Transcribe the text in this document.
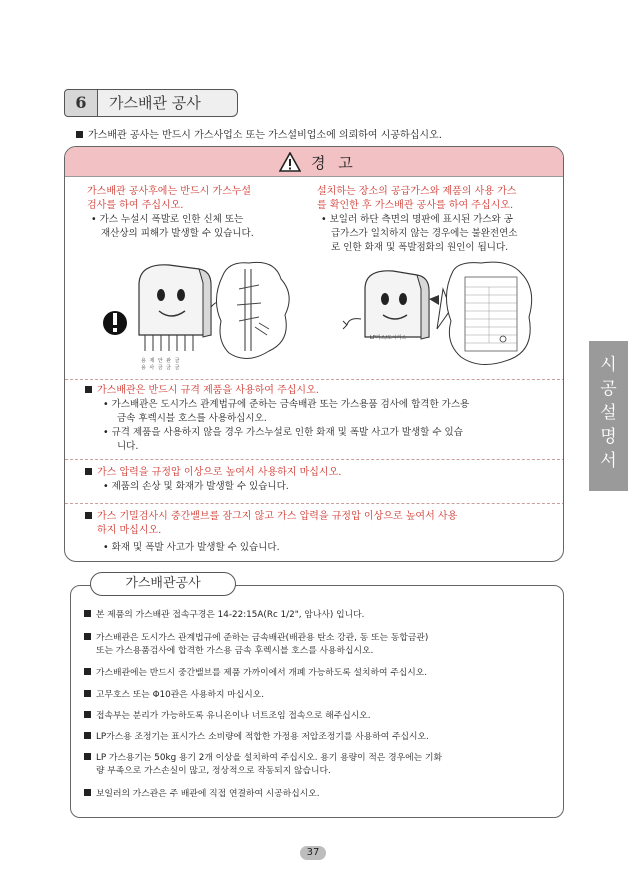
가스배관 공사
6
가스배관 공사는 반드시 가스사업소 또는 가스설비업소에 의뢰하여 시공하십시오.
경 고
가스배관 공사후에는 반드시 가스누설
검사를 하여 주십시오.
• 가스 누설시 폭발로 인한 신체 또는
재산상의 피해가 발생할 수 있습니다.
설치하는 장소의 공급가스와 제품의 사용 가스
를 확인한 후 가스배관 공사를 하여 주십시오.
• 보일러 하단 측면의 명판에 표시된 가스와 공
급가스가 일치하지 않는 경우에는 불완전연소
로 인한 화재 및 폭발점화의 원인이 됩니다.
용 제 안 완 금
용 사 금 금 금
LP가스/도시가스
가스배관은 반드시 규격 제품을 사용하여 주십시오.
• 가스배관은 도시가스 관계법규에 준하는 금속배관 또는 가스용품 검사에 합격한 가스용
금속 후렉시블 호스를 사용하십시오.
• 규격 제품을 사용하지 않을 경우 가스누설로 인한 화재 및 폭발 사고가 발생할 수 있습
니다.
가스 압력을 규정압 이상으로 높여서 사용하지 마십시오.
• 제품의 손상 및 화재가 발생할 수 있습니다.
가스 기밀검사시 중간밸브를 잠그지 않고 가스 압력을 규정압 이상으로 높여서 사용
하지 마십시오.
• 화재 및 폭발 사고가 발생할 수 있습니다.
시
공
설
명
서
가스배관공사
본 제품의 가스배관 접속구경은 14-22:15A(Rc 1/2", 암나사) 입니다.
가스배관은 도시가스 관계법규에 준하는 금속배관(배관용 탄소 강관, 동 또는 동합금관)
또는 가스용품검사에 합격한 가스용 금속 후렉시블 호스를 사용하십시오.
가스배관에는 반드시 중간밸브를 제품 가까이에서 개폐 가능하도록 설치하여 주십시오.
고무호스 또는 Φ10관은 사용하지 마십시오.
접속부는 분리가 가능하도록 유니온이나 너트조임 접속으로 해주십시오.
LP가스용 조정기는 표시가스 소비량에 적합한 가정용 저압조정기를 사용하여 주십시오.
LP 가스용기는 50kg 용기 2개 이상을 설치하여 주십시오. 용기 용량이 적은 경우에는 기화
량 부족으로 가스손실이 많고, 정상적으로 작동되지 않습니다.
보일러의 가스관은 주 배관에 직접 연결하여 시공하십시오.
37
